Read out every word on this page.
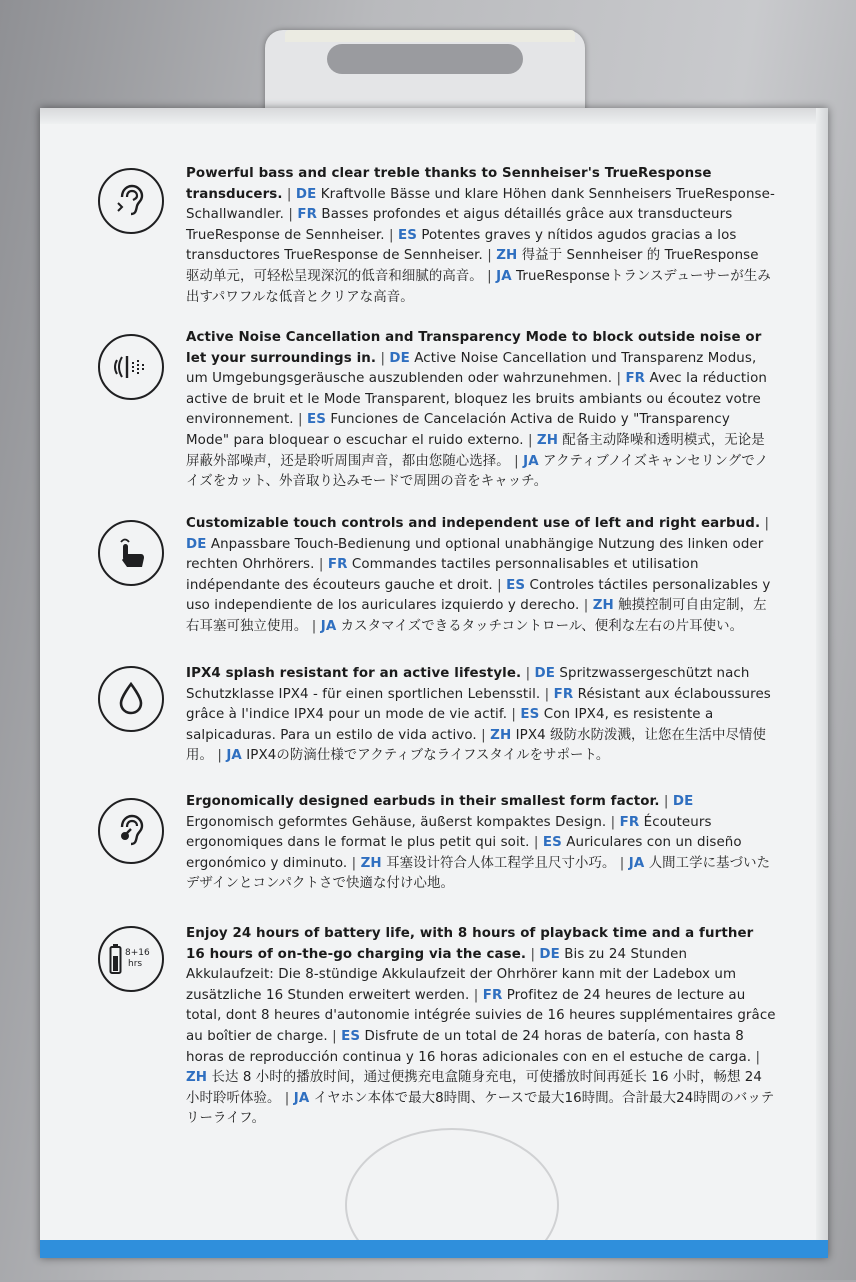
Powerful bass and clear treble thanks to Sennheiser's TrueResponse transducers. | DE Kraftvolle Bässe und klare Höhen dank Sennheisers TrueResponse-Schallwandler. | FR Basses profondes et aigus détaillés grâce aux transducteurs TrueResponse de Sennheiser. | ES Potentes graves y nítidos agudos gracias a los transductores TrueResponse de Sennheiser. | ZH 得益于 Sennheiser 的 TrueResponse 驱动单元，可轻松呈现深沉的低音和细腻的高音。 | JA TrueResponseトランスデューサーが生み出すパワフルな低音とクリアな高音。
Active Noise Cancellation and Transparency Mode to block outside noise or let your surroundings in. | DE Active Noise Cancellation und Transparenz Modus, um Umgebungsgeräusche auszublenden oder wahrzunehmen. | FR Avec la réduction active de bruit et le Mode Transparent, bloquez les bruits ambiants ou écoutez votre environnement. | ES Funciones de Cancelación Activa de Ruido y "Transparency Mode" para bloquear o escuchar el ruido externo. | ZH 配备主动降噪和透明模式，无论是屏蔽外部噪声，还是聆听周围声音，都由您随心选择。 | JA アクティブノイズキャンセリングでノイズをカット、外音取り込みモードで周囲の音をキャッチ。
Customizable touch controls and independent use of left and right earbud. | DE Anpassbare Touch-Bedienung und optional unabhängige Nutzung des linken oder rechten Ohrhörers. | FR Commandes tactiles personnalisables et utilisation indépendante des écouteurs gauche et droit. | ES Controles táctiles personalizables y uso independiente de los auriculares izquierdo y derecho. | ZH 触摸控制可自由定制，左右耳塞可独立使用。 | JA カスタマイズできるタッチコントロール、便利な左右の片耳使い。
IPX4 splash resistant for an active lifestyle. | DE Spritzwassergeschützt nach Schutzklasse IPX4 - für einen sportlichen Lebensstil. | FR Résistant aux éclaboussures grâce à l'indice IPX4 pour un mode de vie actif. | ES Con IPX4, es resistente a salpicaduras. Para un estilo de vida activo. | ZH IPX4 级防水防泼溅，让您在生活中尽情使用。 | JA IPX4の防滴仕様でアクティブなライフスタイルをサポート。
Ergonomically designed earbuds in their smallest form factor. | DE Ergonomisch geformtes Gehäuse, äußerst kompaktes Design. | FR Écouteurs ergonomiques dans le format le plus petit qui soit. | ES Auriculares con un diseño ergonómico y diminuto. | ZH 耳塞设计符合人体工程学且尺寸小巧。 | JA 人間工学に基づいたデザインとコンパクトさで快適な付け心地。
8+16
hrs
Enjoy 24 hours of battery life, with 8 hours of playback time and a further 16 hours of on-the-go charging via the case. | DE Bis zu 24 Stunden Akkulaufzeit: Die 8-stündige Akkulaufzeit der Ohrhörer kann mit der Ladebox um zusätzliche 16 Stunden erweitert werden. | FR Profitez de 24 heures de lecture au total, dont 8 heures d'autonomie intégrée suivies de 16 heures supplémentaires grâce au boîtier de charge. | ES Disfrute de un total de 24 horas de batería, con hasta 8 horas de reproducción continua y 16 horas adicionales con en el estuche de carga. | ZH 长达 8 小时的播放时间，通过便携充电盒随身充电，可使播放时间再延长 16 小时，畅想 24 小时聆听体验。 | JA イヤホン本体で最大8時間、ケースで最大16時間。合計最大24時間のバッテリーライフ。
